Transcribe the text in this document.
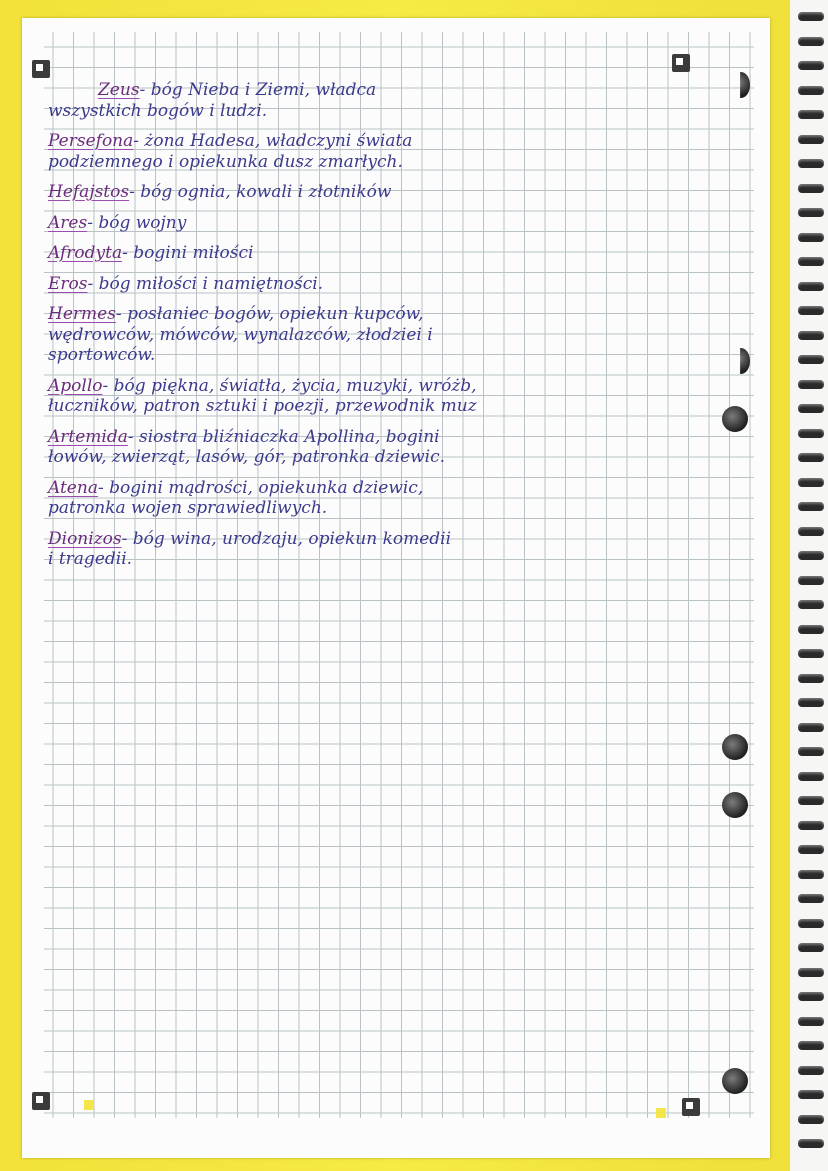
Zeus- bóg Nieba i Ziemi, władca
wszystkich bogów i ludzi.
Persefona- żona Hadesa, władczyni świata
podziemnego i opiekunka dusz zmarłych.
Hefajstos- bóg ognia, kowali i złotników
Ares- bóg wojny
Afrodyta- bogini miłości
Eros- bóg miłości i namiętności.
Hermes- posłaniec bogów, opiekun kupców,
wędrowców, mówców, wynalazców, złodziei i
sportowców.
Apollo- bóg piękna, światła, życia, muzyki, wróżb,
łuczników, patron sztuki i poezji, przewodnik muz
Artemida- siostra bliźniaczka Apollina, bogini
łowów, zwierząt, lasów, gór, patronka dziewic.
Atena- bogini mądrości, opiekunka dziewic,
patronka wojen sprawiedliwych.
Dionizos- bóg wina, urodzaju, opiekun komedii
i tragedii.
